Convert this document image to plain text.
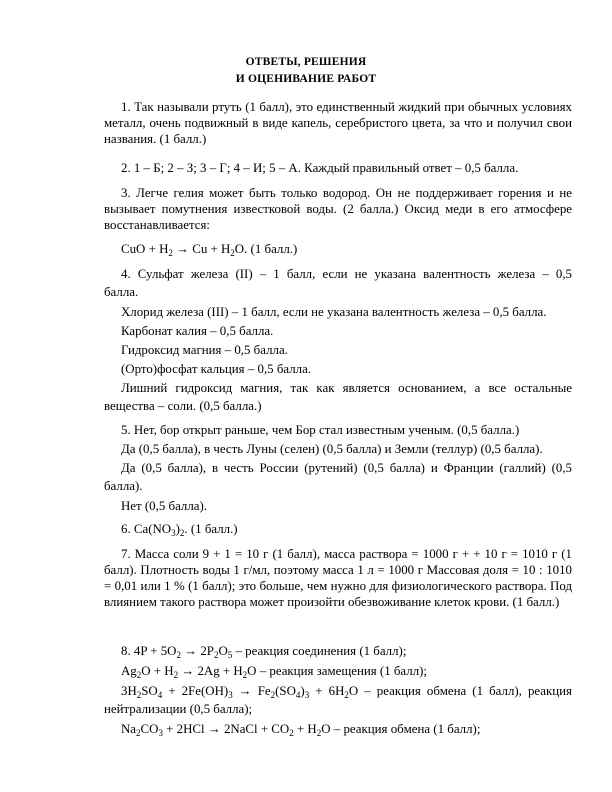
ОТВЕТЫ, РЕШЕНИЯ
И ОЦЕНИВАНИЕ РАБОТ
1. Так называли ртуть (1 балл), это единственный жидкий при обычных условиях металл, очень подвижный в виде капель, серебристого цвета, за что и получил свои названия. (1 балл.)
2. 1 – Б; 2 – З; 3 – Г; 4 – И; 5 – А. Каждый правильный ответ – 0,5 балла.
3. Легче гелия может быть только водород. Он не поддерживает горения и не вызывает помутнения известковой воды. (2 балла.) Оксид меди в его атмосфере восстанавливается:
CuO + $H_2 \to Cu + H_2O$. (1 балл.)
4. Сульфат железа (II) – 1 балл, если не указана валентность железа – 0,5
балла.
Хлорид железа (III) – 1 балл, если не указана валентность железа – 0,5 балла.
Карбонат калия – 0,5 балла.
Гидроксид магния – 0,5 балла.
(Орто)фосфат кальция – 0,5 балла.
Лишний гидроксид магния, так как является основанием, а все остальные
вещества – соли. (0,5 балла.)
5. Нет, бор открыт раньше, чем Бор стал известным ученым. (0,5 балла.)
Да (0,5 балла), в честь Луны (селен) (0,5 балла) и Земли (теллур) (0,5 балла).
Да (0,5 балла), в честь России (рутений) (0,5 балла) и Франции (галлий) (0,5
балла).
Нет (0,5 балла).
6. $Ca(NO_3)_2$. (1 балл.)
7. Масса соли 9 + 1 = 10 г (1 балл), масса раствора = 1000 г + + 10 г = 1010 г (1 балл). Плотность воды 1 г/мл, поэтому масса 1 л = 1000 г Массовая доля = 10 : 1010 = 0,01 или 1 % (1 балл); это больше, чем нужно для физиологического раствора. Под влиянием такого раствора может произойти обезвоживание клеток крови. (1 балл.)
8. $4P + 5O_2 \to 2P_2O_5$ – реакция соединения (1 балл);
$Ag_2O + H_2 \to 2Ag + H_2O$ – реакция замещения (1 балл);
$3H_2SO_4 + 2Fe(OH)_3 \to Fe_2(SO_4)_3 + 6H_2O$ – реакция обмена (1 балл), реакция
нейтрализации (0,5 балла);
$Na_2CO_3 + 2HCl$ → 2NaCl + $CO_2 + H_2O$ – реакция обмена (1 балл);
